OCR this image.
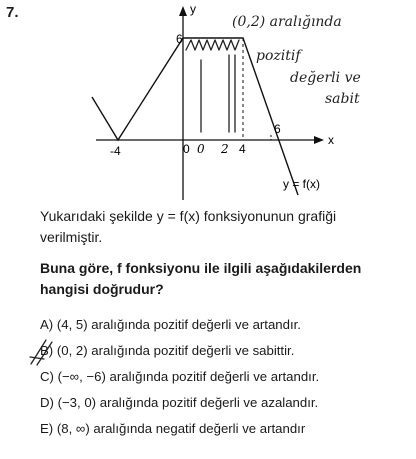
7.	y
x
6
-4	0	4
6
y = f(x)
0 2
(0,2) aralığında pozitif değerli ve sabit
Yukarıdaki şekilde y = f(x) fonksiyonunun grafiği verilmiştir.
Buna göre, f fonksiyonu ile ilgili aşağıdakilerden hangisi doğrudur?
A) (4, 5) aralığında pozitif değerli ve artandır.
B) (0, 2) aralığında pozitif değerli ve sabittir.
C) (−∞, −6) aralığında pozitif değerli ve artandır.
D) (−3, 0) aralığında pozitif değerli ve azalandır.
E) (8, ∞) aralığında negatif değerli ve artandır
